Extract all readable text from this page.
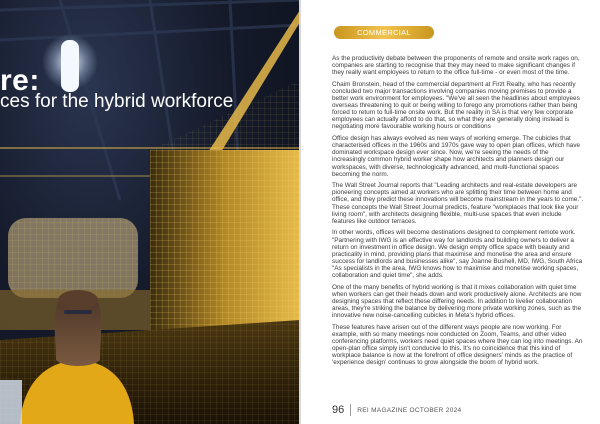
re:
ces for the hybrid workforce
COMMERCIAL

As the productivity debate between the proponents of remote and onsite work rages on, companies are starting to recognise that they may need to make significant changes if they really want employees to return to the office full-time - or even most of the time.

Chaim Bronstein, head of the commercial department at Firzt Realty, who has recently concluded two major transactions involving companies moving premises to provide a better work environment for employees. "We've all seen the headlines about employees overseas threatening to quit or being willing to forego any promotions rather than being forced to return to full-time onsite work. But the reality in SA is that very few corporate employees can actually afford to do that, so what they are generally doing instead is negotiating more favourable working hours or conditions

Office design has always evolved as new ways of working emerge. The cubicles that characterised offices in the 1960s and 1970s gave way to open plan offices, which have dominated workspace design ever since. Now, we're seeing the needs of the increasingly common hybrid worker shape how architects and planners design our workspaces, with diverse, technologically advanced, and multi-functional spaces becoming the norm.

The Wall Street Journal reports that "Leading architects and real-estate developers are pioneering concepts aimed at workers who are splitting their time between home and office, and they predict these innovations will become mainstream in the years to come.". These concepts the Wall Street Journal predicts, feature "workplaces that look like your living room", with architects designing flexible, multi-use spaces that even include features like outdoor terraces.

In other words, offices will become destinations designed to complement remote work. "Partnering with IWG is an effective way for landlords and building owners to deliver a return on investment in office design. We design empty office space with beauty and practicality in mind, providing plans that maximise and monetise the area and ensure success for landlords and businesses alike", say Joanne Bushell, MD, IWG, South Africa
"As specialists in the area, IWG knows how to maximise and monetise working spaces, collaboration and quiet time", she adds.

One of the many benefits of hybrid working is that it mixes collaboration with quiet time when workers can get their heads down and work productively alone. Architects are now designing spaces that reflect these differing needs. In addition to livelier collaboration areas, they're striking the balance by delivering more private working zones, such as the innovative new noise-cancelling cubicles in Meta's hybrid offices.

These features have arisen out of the different ways people are now working. For example, with so many meetings now conducted on Zoom, Teams, and other video conferencing platforms, workers need quiet spaces where they can log into meetings. An open-plan office simply isn't conducive to this. It's no coincidence that this kind of workplace balance is now at the forefront of office designers' minds as the practice of 'experience design' continues to grow alongside the boom of hybrid work.

96 REI MAGAZINE OCTOBER 2024
